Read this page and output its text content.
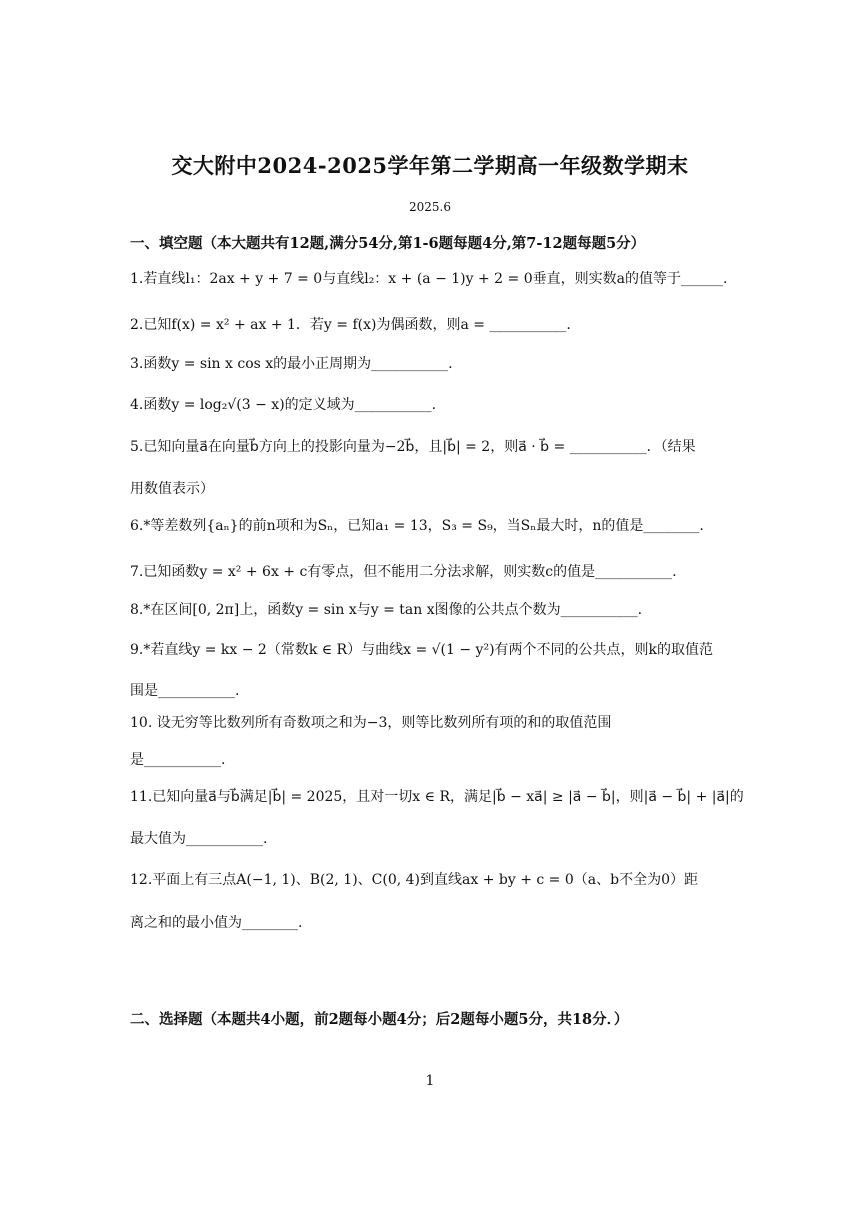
交大附中2024-2025学年第二学期高一年级数学期末
2025.6
一、填空题（本大题共有12题,满分54分,第1-6题每题4分,第7-12题每题5分）
1.若直线l₁：2ax + y + 7 = 0与直线l₂：x + (a − 1)y + 2 = 0垂直，则实数a的值等于______.
2.已知f(x) = x² + ax + 1．若y = f(x)为偶函数，则a = ___________.
3.函数y = sin x cos x的最小正周期为___________.
4.函数y = log₂√(3 − x)的定义域为___________.
5.已知向量a⃗在向量b⃗方向上的投影向量为−2b⃗，且|b⃗| = 2，则a⃗ · b⃗ = ___________．（结果
用数值表示）
6.*等差数列{aₙ}的前n项和为Sₙ，已知a₁ = 13，S₃ = S₉，当Sₙ最大时，n的值是________.
7.已知函数y = x² + 6x + c有零点，但不能用二分法求解，则实数c的值是___________.
8.*在区间[0, 2π]上，函数y = sin x与y = tan x图像的公共点个数为___________.
9.*若直线y = kx − 2（常数k ∈ R）与曲线x = √(1 − y²)有两个不同的公共点，则k的取值范
围是___________.
10. 设无穷等比数列所有奇数项之和为−3，则等比数列所有项的和的取值范围
是___________.
11.已知向量a⃗与b⃗满足|b⃗| = 2025，且对一切x ∈ R，满足|b⃗ − xa⃗| ≥ |a⃗ − b⃗|，则|a⃗ − b⃗| + |a⃗|的
最大值为___________.
12.平面上有三点A(−1, 1)、B(2, 1)、C(0, 4)到直线ax + by + c = 0（a、b不全为0）距
离之和的最小值为________.
二、选择题（本题共4小题，前2题每小题4分；后2题每小题5分，共18分．）
1
